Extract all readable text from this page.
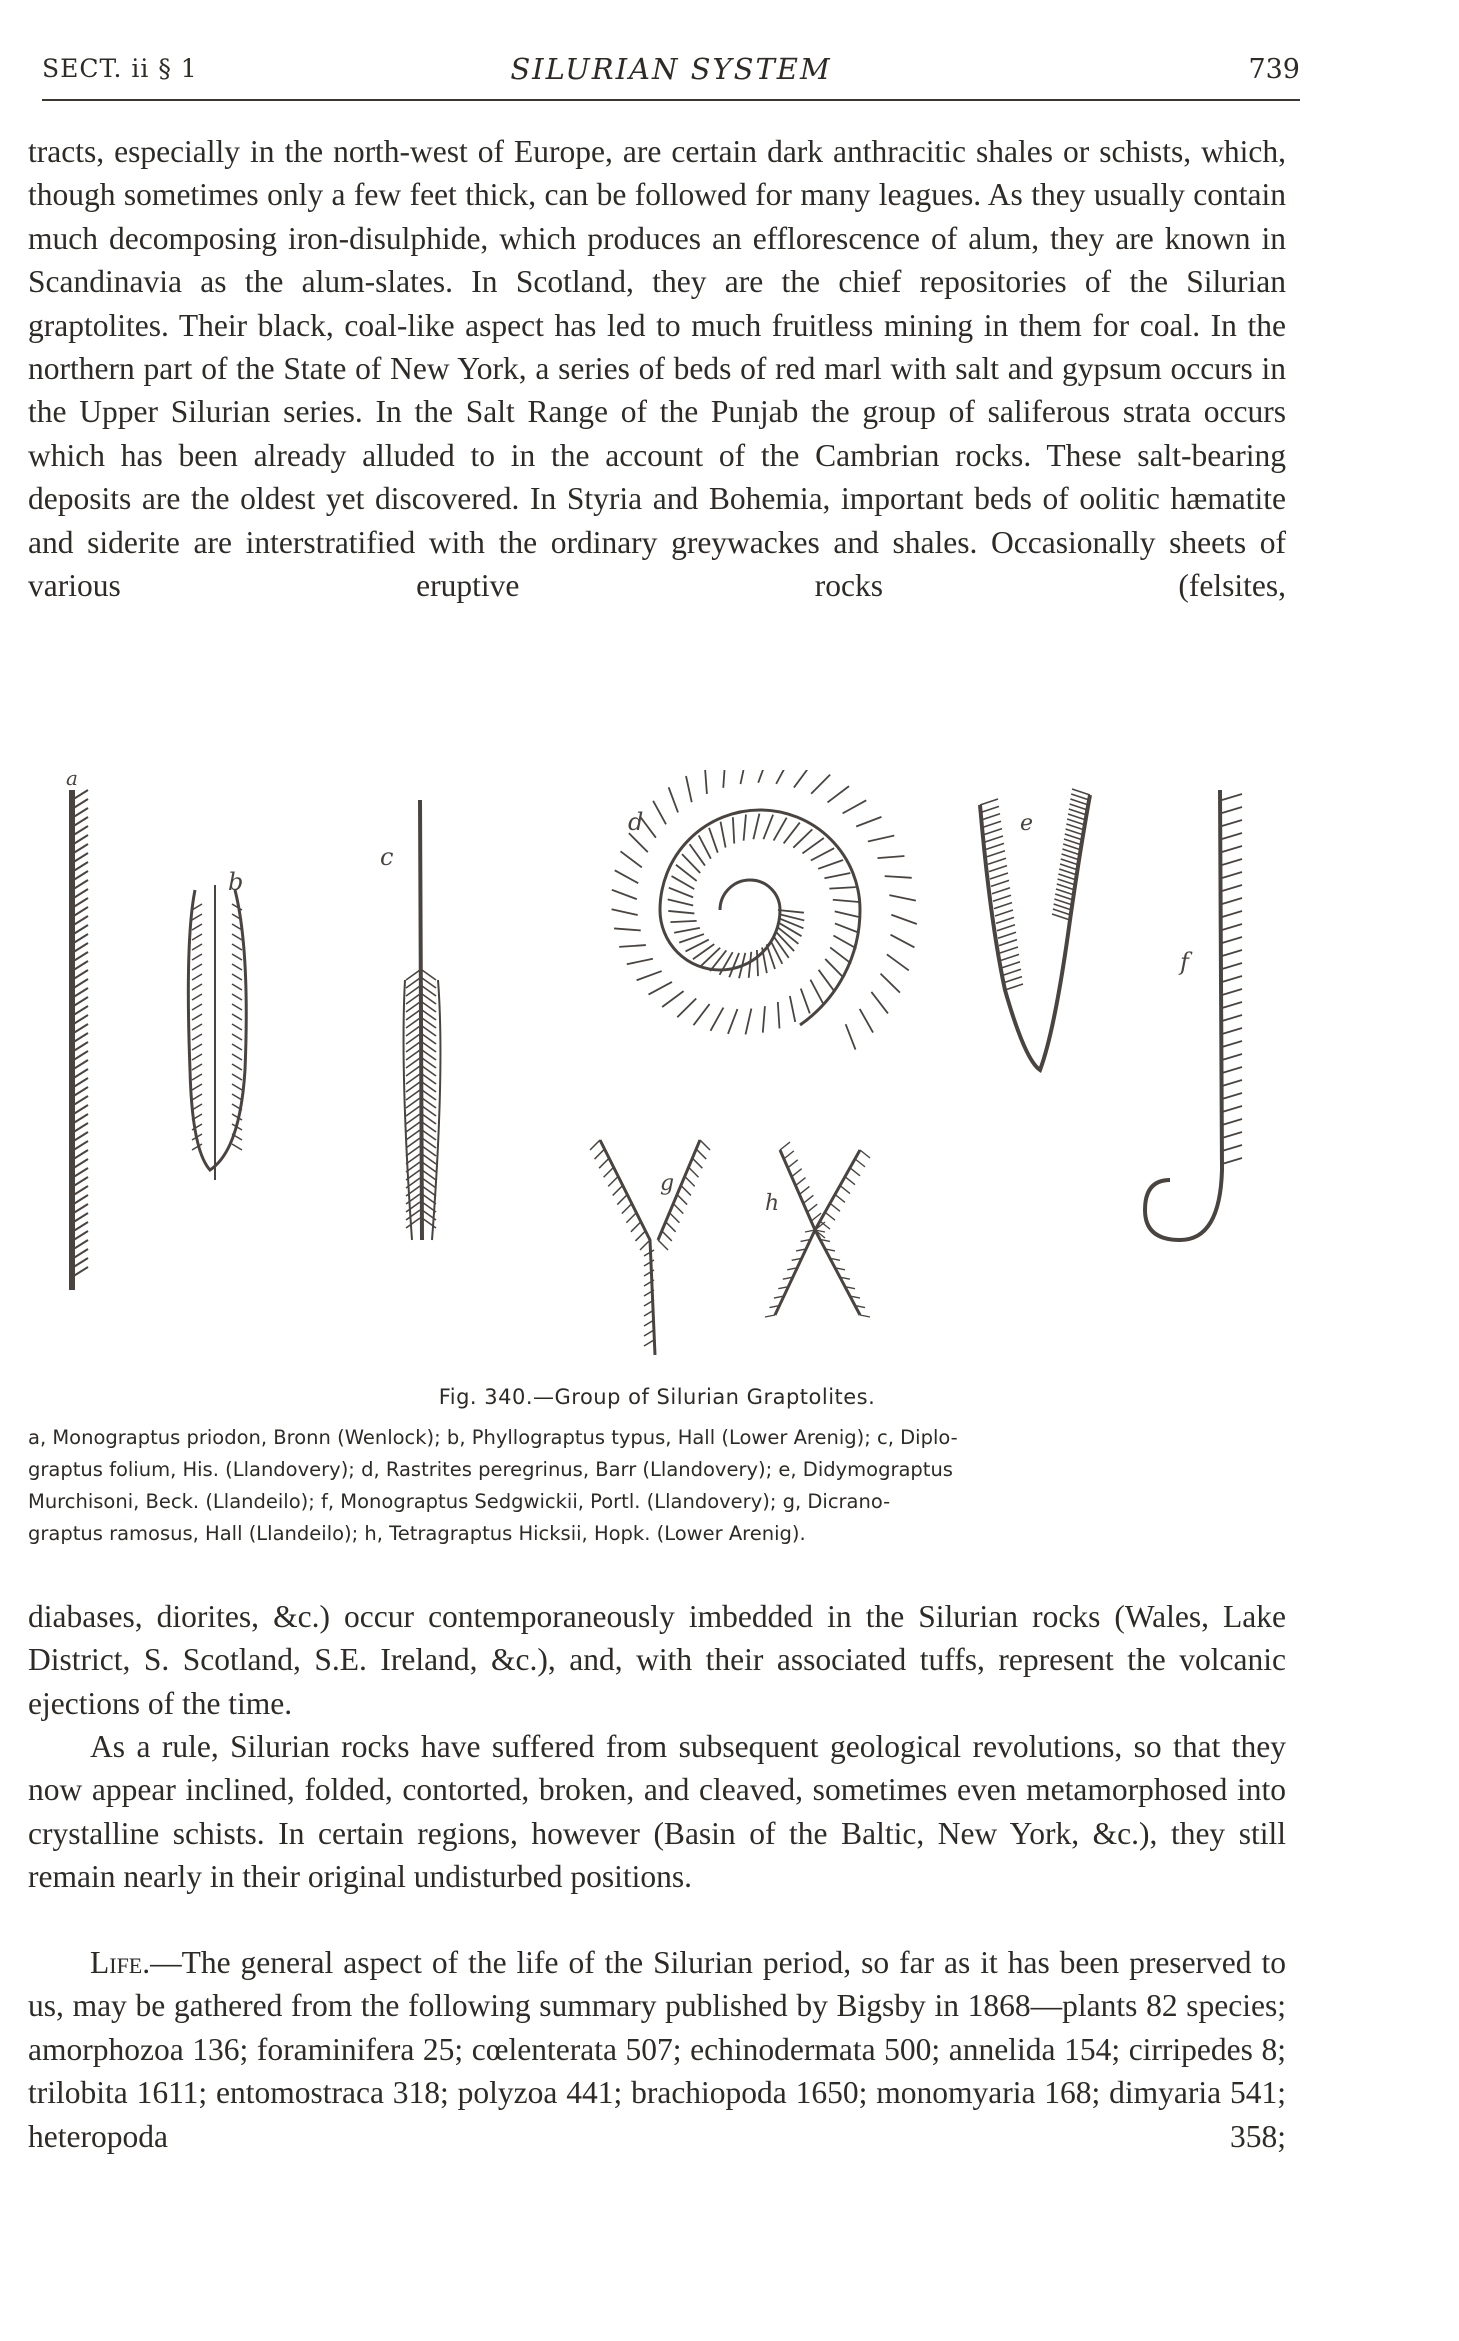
SECT. ii § 1	SILURIAN SYSTEM	739

tracts, especially in the north-west of Europe, are certain dark anthracitic shales or schists, which, though sometimes only a few feet thick, can be followed for many leagues. As they usually contain much decomposing iron-disulphide, which produces an efflorescence of alum, they are known in Scandinavia as the alum-slates. In Scotland, they are the chief repositories of the Silurian graptolites. Their black, coal-like aspect has led to much fruitless mining in them for coal. In the northern part of the State of New York, a series of beds of red marl with salt and gypsum occurs in the Upper Silurian series. In the Salt Range of the Punjab the group of saliferous strata occurs which has been already alluded to in the account of the Cambrian rocks. These salt-bearing deposits are the oldest yet discovered. In Styria and Bohemia, important beds of oolitic hæmatite and siderite are interstratified with the ordinary greywackes and shales. Occasionally sheets of various eruptive rocks (felsites,

a
b
c
d	e
f
g
h

Fig. 340.—Group of Silurian Graptolites.

a, Monograptus priodon, Bronn (Wenlock); b, Phyllograptus typus, Hall (Lower Arenig); c, Diplo-
graptus folium, His. (Llandovery); d, Rastrites peregrinus, Barr (Llandovery); e, Didymograptus
Murchisoni, Beck. (Llandeilo); f, Monograptus Sedgwickii, Portl. (Llandovery); g, Dicrano-
graptus ramosus, Hall (Llandeilo); h, Tetragraptus Hicksii, Hopk. (Lower Arenig).

diabases, diorites, &c.) occur contemporaneously imbedded in the Silurian rocks (Wales, Lake District, S. Scotland, S.E. Ireland, &c.), and, with their associated tuffs, represent the volcanic ejections of the time.

As a rule, Silurian rocks have suffered from subsequent geological revolutions, so that they now appear inclined, folded, contorted, broken, and cleaved, sometimes even metamorphosed into crystalline schists. In certain regions, however (Basin of the Baltic, New York, &c.), they still remain nearly in their original undisturbed positions.

Life.—The general aspect of the life of the Silurian period, so far as it has been preserved to us, may be gathered from the following summary published by Bigsby in 1868—plants 82 species; amorphozoa 136; foraminifera 25; cœlenterata 507; echinodermata 500; annelida 154; cirripedes 8; trilobita 1611; entomostraca 318; polyzoa 441; brachiopoda 1650; monomyaria 168; dimyaria 541; heteropoda 358;
